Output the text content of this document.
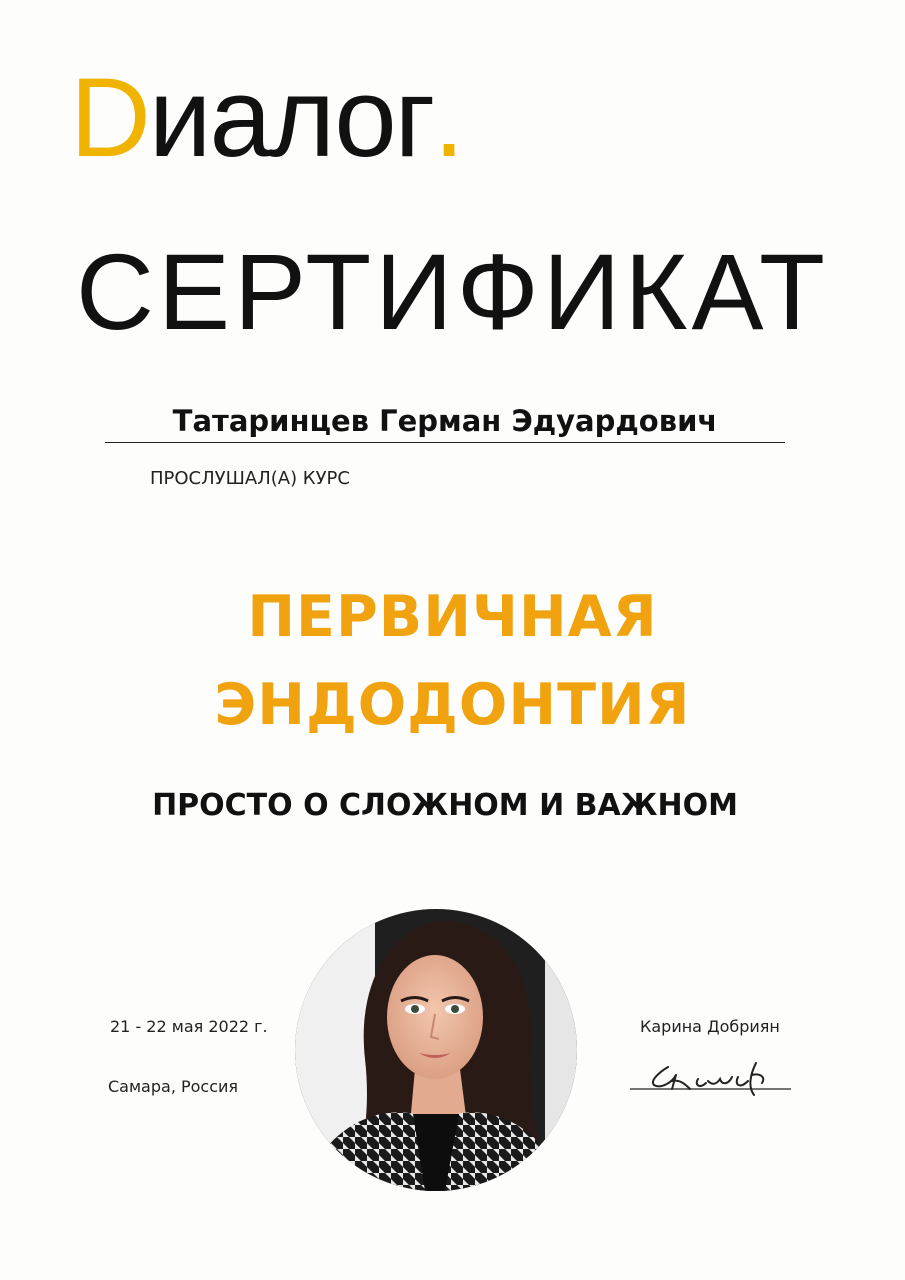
Dиалог.
СЕРТИФИКАТ
Татаринцев Герман Эдуардович
ПРОСЛУШАЛ(А) КУРС
ПЕРВИЧНАЯ
ЭНДОДОНТИЯ
ПРОСТО О СЛОЖНОМ И ВАЖНОМ
21 - 22 мая 2022 г.
Самара, Россия
Карина Добриян
